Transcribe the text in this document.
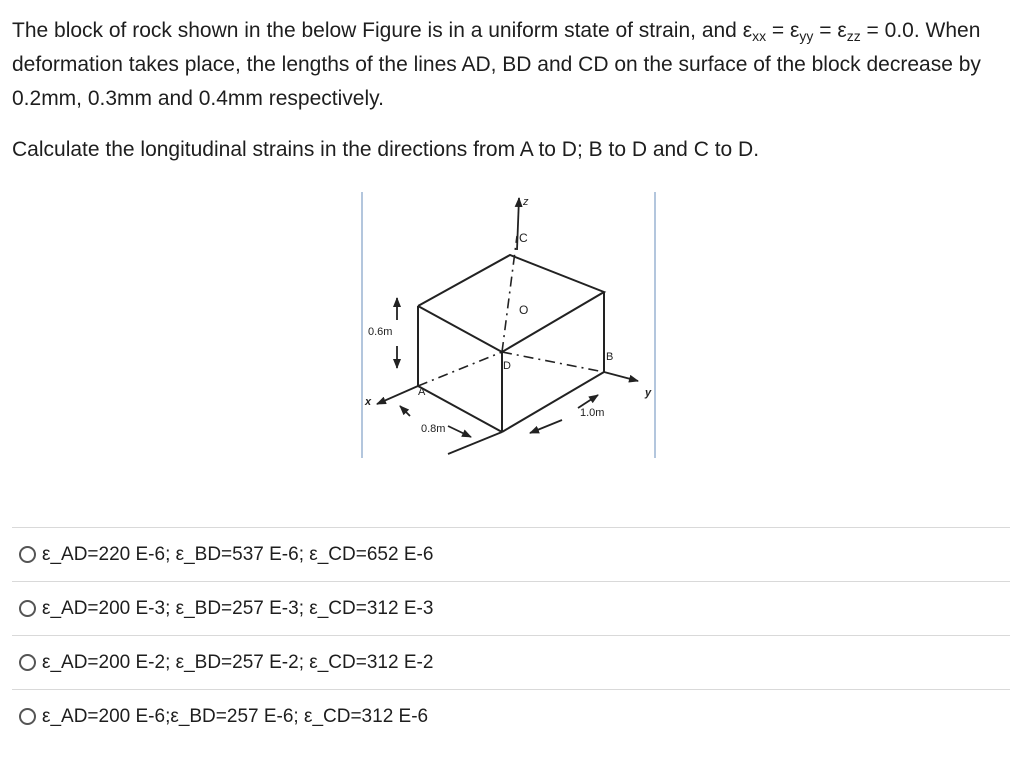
The block of rock shown in the below Figure is in a uniform state of strain, and $\varepsilon_{xx} = \varepsilon_{yy} = \varepsilon_{zz} = 0.0$. When deformation takes place, the lengths of the lines AD, BD and CD on the surface of the block decrease by 0.2mm, 0.3mm and 0.4mm respectively.

Calculate the longitudinal strains in the directions from A to D; B to D and C to D.

z
C
O
0.6m
D
B
A
x
y
0.8m
1.0m
ε_AD=220 E-6; ε_BD=537 E-6; ε_CD=652 E-6
ε_AD=200 E-3; ε_BD=257 E-3; ε_CD=312 E-3
ε_AD=200 E-2; ε_BD=257 E-2; ε_CD=312 E-2
ε_AD=200 E-6;ε_BD=257 E-6; ε_CD=312 E-6
